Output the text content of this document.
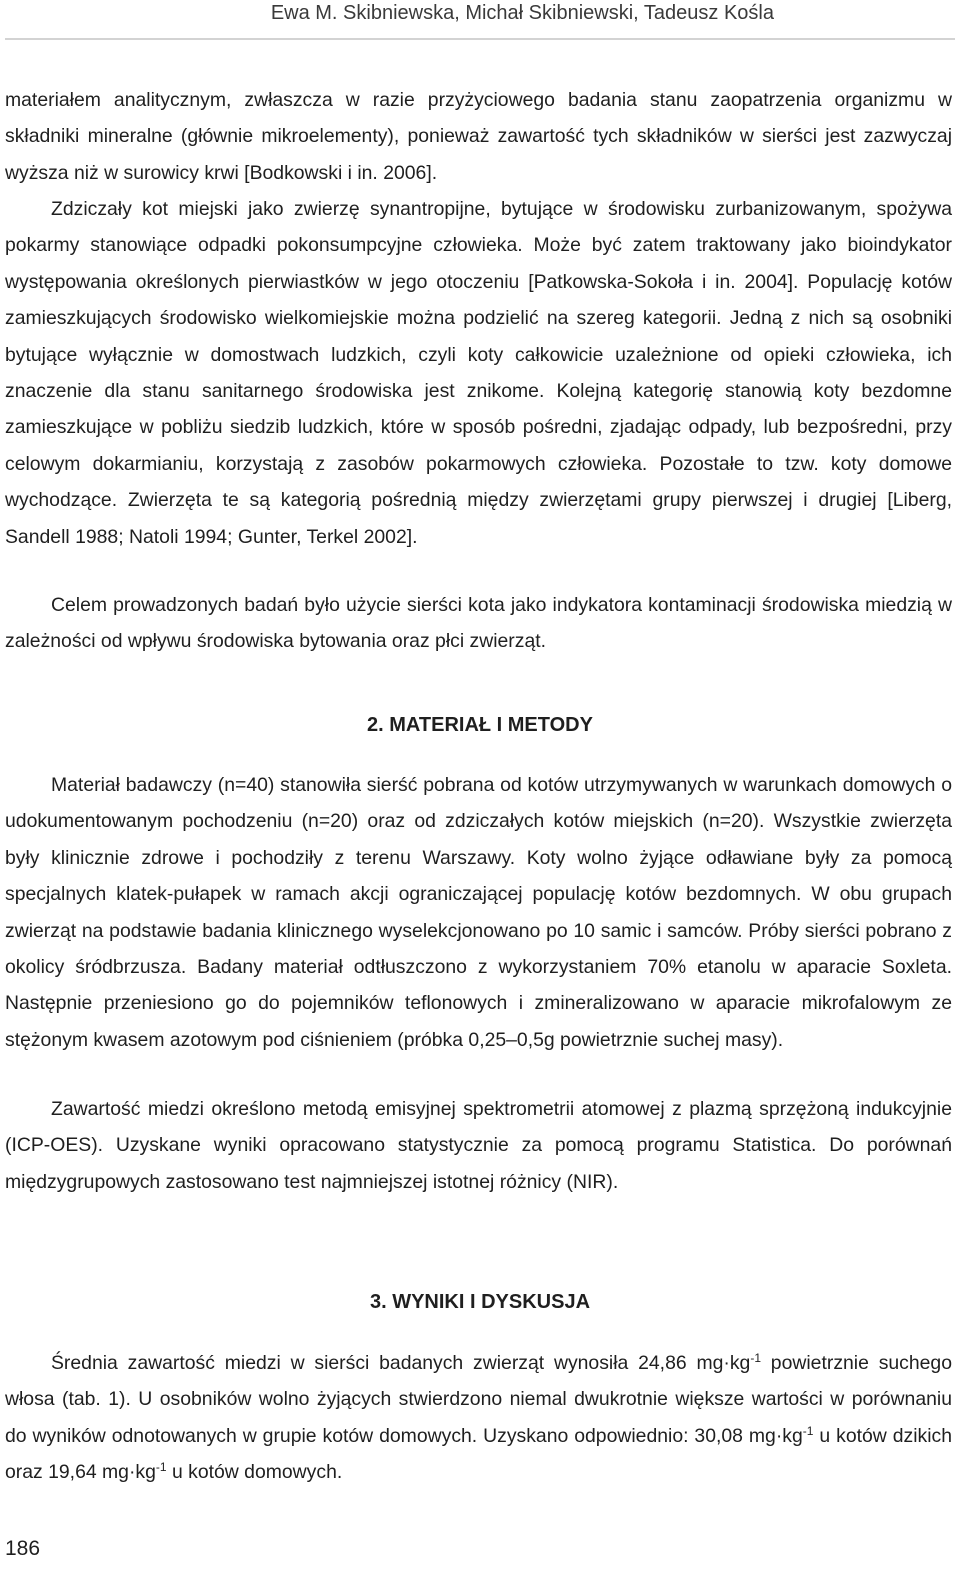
Ewa M. Skibniewska, Michał Skibniewski, Tadeusz Kośla

materiałem analitycznym, zwłaszcza w razie przyżyciowego badania stanu zaopatrzenia organizmu w składniki mineralne (głównie mikroelementy), ponieważ zawartość tych składników w sierści jest zazwyczaj wyższa niż w surowicy krwi [Bodkowski i in. 2006].

Zdziczały kot miejski jako zwierzę synantropijne, bytujące w środowisku zurbanizowanym, spożywa pokarmy stanowiące odpadki pokonsumpcyjne człowieka. Może być zatem traktowany jako bioindykator występowania określonych pierwiastków w jego otoczeniu [Patkowska-Sokoła i in. 2004]. Populację kotów zamieszkujących środowisko wielkomiejskie można podzielić na szereg kategorii. Jedną z nich są osobniki bytujące wyłącznie w domostwach ludzkich, czyli koty całkowicie uzależnione od opieki człowieka, ich znaczenie dla stanu sanitarnego środowiska jest znikome. Kolejną kategorię stanowią koty bezdomne zamieszkujące w pobliżu siedzib ludzkich, które w sposób pośredni, zjadając odpady, lub bezpośredni, przy celowym dokarmianiu, korzystają z zasobów pokarmowych człowieka. Pozostałe to tzw. koty domowe wychodzące. Zwierzęta te są kategorią pośrednią między zwierzętami grupy pierwszej i drugiej [Liberg, Sandell 1988; Natoli 1994; Gunter, Terkel 2002].

Celem prowadzonych badań było użycie sierści kota jako indykatora kontaminacji środowiska miedzią w zależności od wpływu środowiska bytowania oraz płci zwierząt.

2. MATERIAŁ I METODY

Materiał badawczy (n=40) stanowiła sierść pobrana od kotów utrzymywanych w warunkach domowych o udokumentowanym pochodzeniu (n=20) oraz od zdziczałych kotów miejskich (n=20). Wszystkie zwierzęta były klinicznie zdrowe i pochodziły z terenu Warszawy. Koty wolno żyjące odławiane były za pomocą specjalnych klatek-pułapek w ramach akcji ograniczającej populację kotów bezdomnych. W obu grupach zwierząt na podstawie badania klinicznego wyselekcjonowano po 10 samic i samców. Próby sierści pobrano z okolicy śródbrzusza. Badany materiał odtłuszczono z wykorzystaniem 70% etanolu w aparacie Soxleta. Następnie przeniesiono go do pojemników teflonowych i zmineralizowano w aparacie mikrofalowym ze stężonym kwasem azotowym pod ciśnieniem (próbka 0,25–0,5g powietrznie suchej masy).

Zawartość miedzi określono metodą emisyjnej spektrometrii atomowej z plazmą sprzężoną indukcyjnie (ICP-OES). Uzyskane wyniki opracowano statystycznie za pomocą programu Statistica. Do porównań międzygrupowych zastosowano test najmniejszej istotnej różnicy (NIR).

3. WYNIKI I DYSKUSJA

Średnia zawartość miedzi w sierści badanych zwierząt wynosiła 24,86 $mg\cdot kg^{-1}$ powietrznie suchego włosa (tab. 1). U osobników wolno żyjących stwierdzono niemal dwukrotnie większe wartości w porównaniu do wyników odnotowanych w grupie kotów domowych. Uzyskano odpowiednio: 30,08 $mg\cdot kg^{-1}$ u kotów dzikich oraz 19,64 $mg\cdot kg^{-1}$ u kotów domowych.

186
